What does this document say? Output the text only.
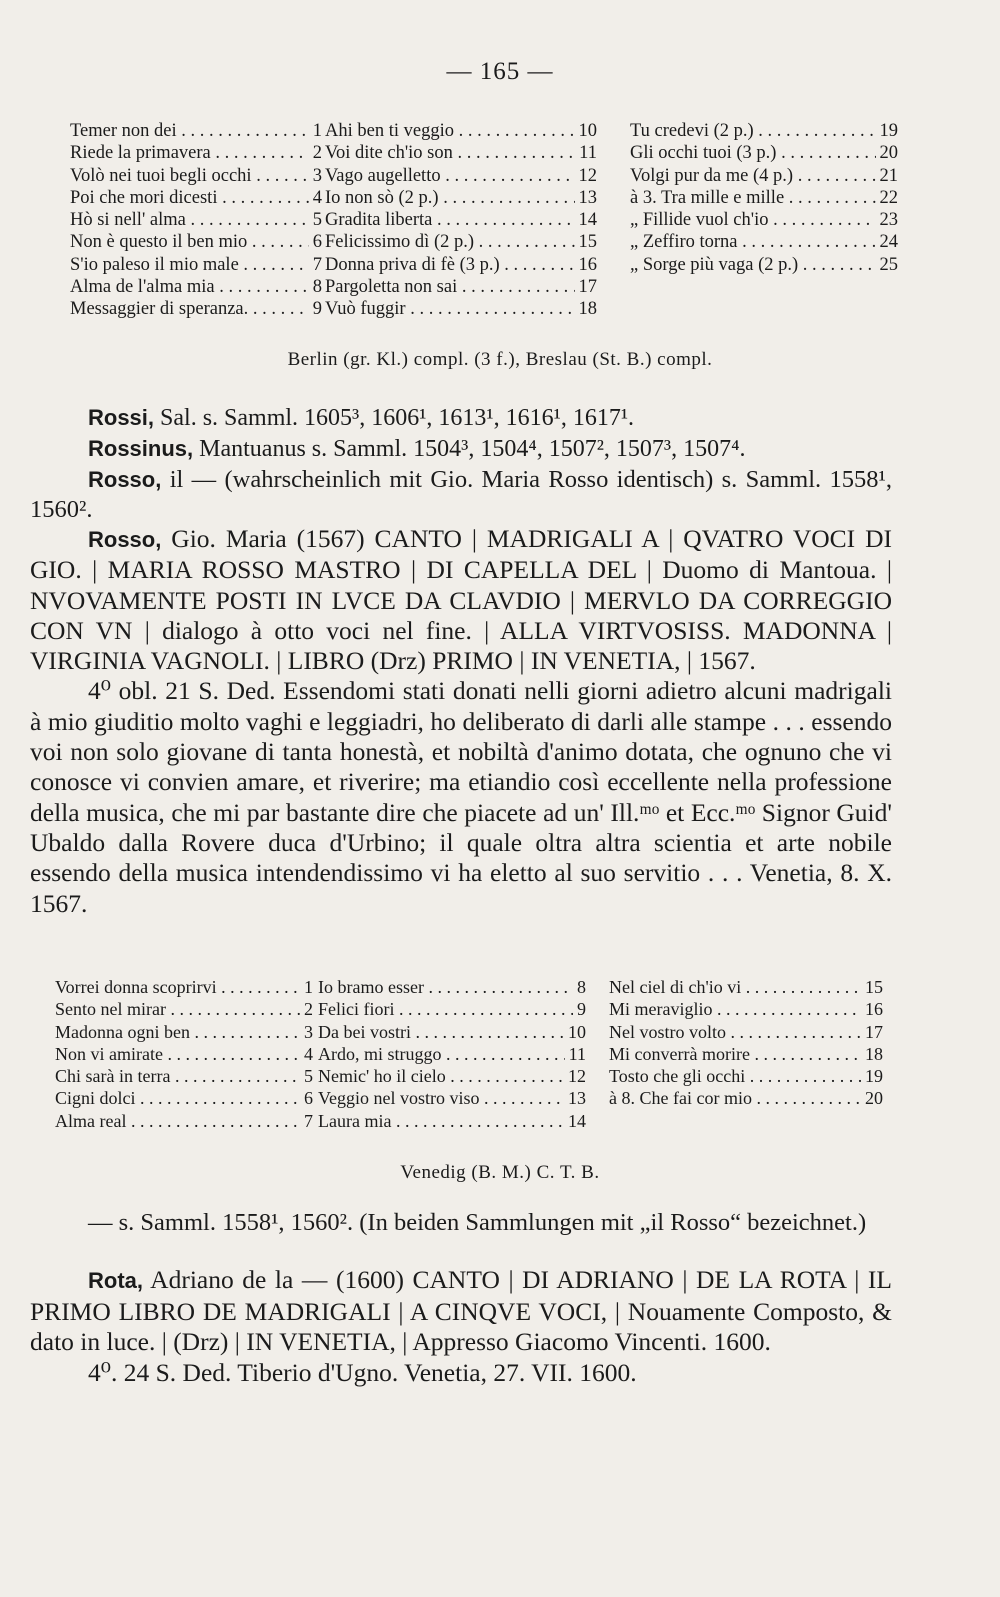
— 165 —
Temer non dei . . .	1
Riede la primavera . . .	2
Volò nei tuoi begli occhi . . .	3
Poi che mori dicesti . . .	4
Hò si nell' alma . . .	5
Non è questo il ben mio . . .	6
S'io paleso il mio male . . .	7
Alma de l'alma mia . . .	8
Messaggier di speranza. . . .	9
Ahi ben ti veggio . . .	10
Voi dite ch'io son . . .	11
Vago augelletto . . .	12
Io non sò (2 p.) . . .	13
Gradita liberta . . .	14
Felicissimo dì (2 p.) . . .	15
Donna priva di fè (3 p.) . . .	16
Pargoletta non sai . . .	17
Vuò fuggir . . .	18
Tu credevi (2 p.) . . .	19
Gli occhi tuoi (3 p.) . . .	20
Volgi pur da me (4 p.) . . .	21
à 3. Tra mille e mille . . .	22
„ Fillide vuol ch'io . . .	23
„ Zeffiro torna . . .	24
„ Sorge più vaga (2 p.) . . .	25
Berlin (gr. Kl.) compl. (3 f.), Breslau (St. B.) compl.

Rossi, Sal. s. Samml. 1605³, 1606¹, 1613¹, 1616¹, 1617¹.

Rossinus, Mantuanus s. Samml. 1504³, 1504⁴, 1507², 1507³, 1507⁴.

Rosso, il — (wahrscheinlich mit Gio. Maria Rosso identisch) s. Samml. 1558¹, 1560².

Rosso, Gio. Maria (1567) CANTO | MADRIGALI A | QVATRO VOCI DI GIO. | MARIA ROSSO MASTRO | DI CAPELLA DEL | Duomo di Mantoua. | NVOVAMENTE POSTI IN LVCE DA CLAVDIO | MERVLO DA CORREGGIO CON VN | dialogo à otto voci nel fine. | ALLA VIRTVOSISS. MADONNA | VIRGINIA VAGNOLI. | LIBRO (Drz) PRIMO | IN VENETIA, | 1567.

4⁰ obl. 21 S. Ded. Essendomi stati donati nelli giorni adietro alcuni madrigali à mio giuditio molto vaghi e leggiadri, ho deliberato di darli alle stampe . . . essendo voi non solo giovane di tanta honestà, et nobiltà d'animo dotata, che ognuno che vi conosce vi convien amare, et riverire; ma etiandio così eccellente nella professione della musica, che mi par bastante dire che piacete ad un' Ill.ᵐᵒ et Ecc.ᵐᵒ Signor Guid' Ubaldo dalla Rovere duca d'Urbino; il quale oltra altra scientia et arte nobile essendo della musica intendendissimo vi ha eletto al suo servitio . . . Venetia, 8. X. 1567.

Vorrei donna scoprirvi . . .	1
Sento nel mirar . . .	2
Madonna ogni ben . . .	3
Non vi amirate . . .	4
Chi sarà in terra . . .	5
Cigni dolci . . .	6
Alma real . . .	7
Io bramo esser . . .	8
Felici fiori . . .	9
Da bei vostri . . .	10
Ardo, mi struggo . . .	11
Nemic' ho il cielo . . .	12
Veggio nel vostro viso . . .	13
Laura mia . . .	14
Nel ciel di ch'io vi . . .	15
Mi meraviglio . . .	16
Nel vostro volto . . .	17
Mi converrà morire . . .	18
Tosto che gli occhi . . .	19
à 8. Che fai cor mio . . .	20
Venedig (B. M.) C. T. B.

— s. Samml. 1558¹, 1560². (In beiden Sammlungen mit „il Rosso“ bezeichnet.)

Rota, Adriano de la — (1600) CANTO | DI ADRIANO | DE LA ROTA | IL PRIMO LIBRO DE MADRIGALI | A CINQVE VOCI, | Nouamente Composto, & dato in luce. | (Drz) | IN VENETIA, | Appresso Giacomo Vincenti. 1600.

4⁰. 24 S. Ded. Tiberio d'Ugno. Venetia, 27. VII. 1600.
